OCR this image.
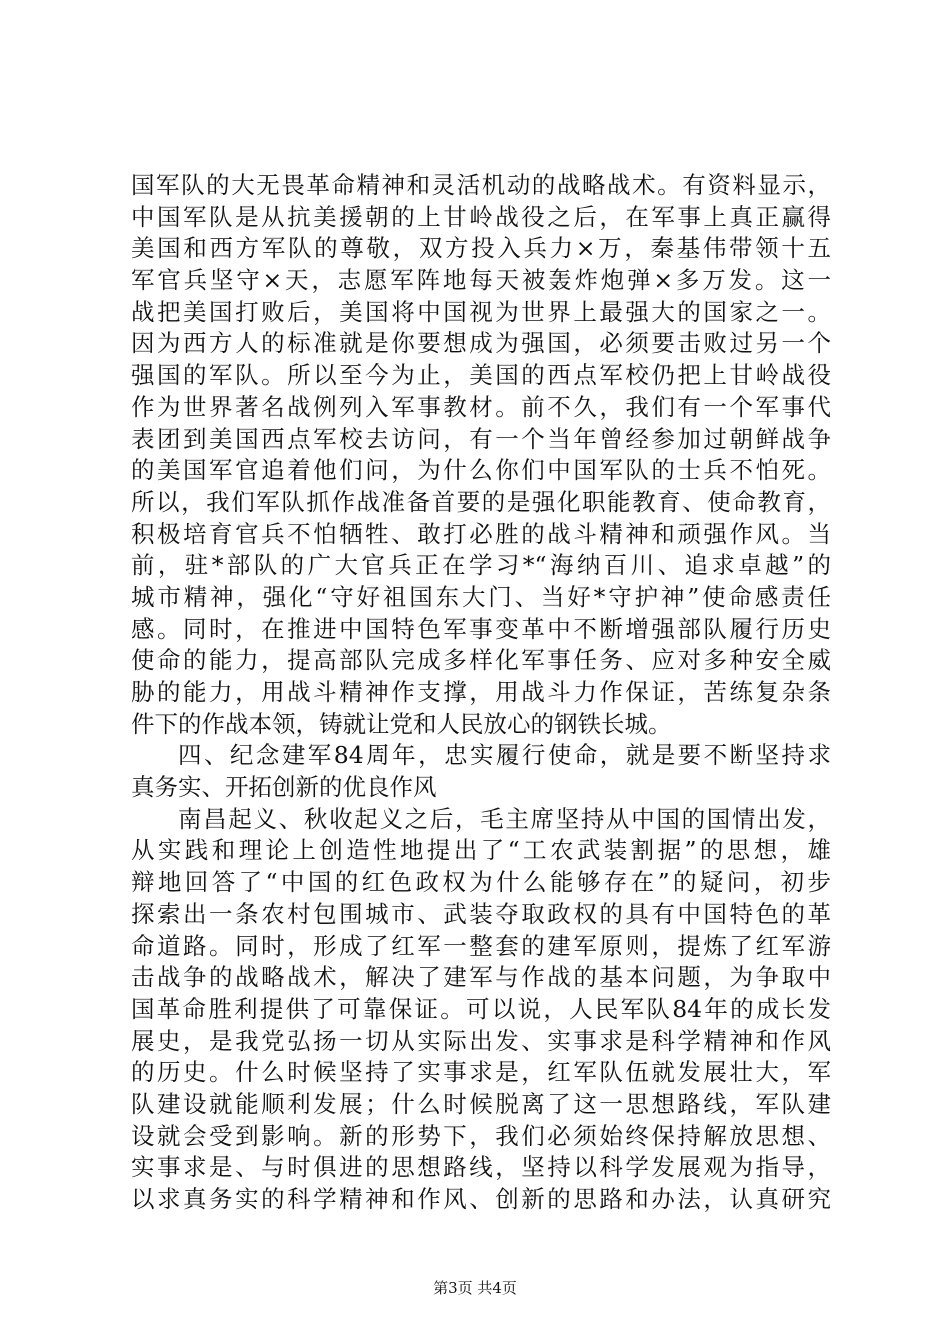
国军队的大无畏革命精神和灵活机动的战略战术。有资料显示，
中国军队是从抗美援朝的上甘岭战役之后，在军事上真正赢得
美国和西方军队的尊敬，双方投入兵力×万，秦基伟带领十五
军官兵坚守×天，志愿军阵地每天被轰炸炮弹×多万发。这一
战把美国打败后，美国将中国视为世界上最强大的国家之一。
因为西方人的标准就是你要想成为强国，必须要击败过另一个
强国的军队。所以至今为止，美国的西点军校仍把上甘岭战役
作为世界著名战例列入军事教材。前不久，我们有一个军事代
表团到美国西点军校去访问，有一个当年曾经参加过朝鲜战争
的美国军官追着他们问，为什么你们中国军队的士兵不怕死。
所以，我们军队抓作战准备首要的是强化职能教育、使命教育，
积极培育官兵不怕牺牲、敢打必胜的战斗精神和顽强作风。当
前，驻*部队的广大官兵正在学习*“海纳百川、追求卓越”的
城市精神，强化“守好祖国东大门、当好*守护神”使命感责任
感。同时，在推进中国特色军事变革中不断增强部队履行历史
使命的能力，提高部队完成多样化军事任务、应对多种安全威
胁的能力，用战斗精神作支撑，用战斗力作保证，苦练复杂条
件下的作战本领，铸就让党和人民放心的钢铁长城。
四、纪念建军84周年，忠实履行使命，就是要不断坚持求
真务实、开拓创新的优良作风
南昌起义、秋收起义之后，毛主席坚持从中国的国情出发，
从实践和理论上创造性地提出了“工农武装割据”的思想，雄
辩地回答了“中国的红色政权为什么能够存在”的疑问，初步
探索出一条农村包围城市、武装夺取政权的具有中国特色的革
命道路。同时，形成了红军一整套的建军原则，提炼了红军游
击战争的战略战术，解决了建军与作战的基本问题，为争取中
国革命胜利提供了可靠保证。可以说，人民军队84年的成长发
展史，是我党弘扬一切从实际出发、实事求是科学精神和作风
的历史。什么时候坚持了实事求是，红军队伍就发展壮大，军
队建设就能顺利发展；什么时候脱离了这一思想路线，军队建
设就会受到影响。新的形势下，我们必须始终保持解放思想、
实事求是、与时俱进的思想路线，坚持以科学发展观为指导，
以求真务实的科学精神和作风、创新的思路和办法，认真研究
第3页 共4页
